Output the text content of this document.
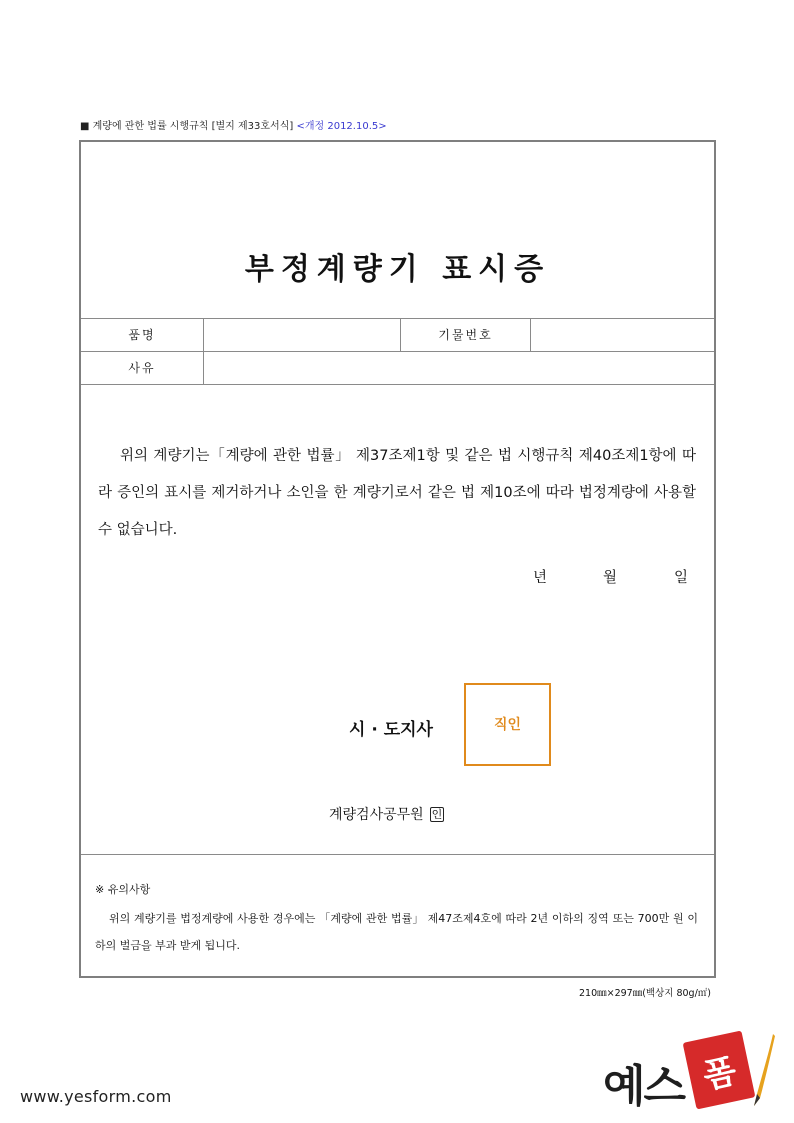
■ 계량에 관한 법률 시행규칙 [별지 제33호서식] <개정 2012.10.5>
부정계량기 표시증
품명	기물번호
사유

위의 계량기는「계량에 관한 법률」 제37조제1항 및 같은 법 시행규칙 제40조제1항에 따라 증인의 표시를 제거하거나 소인을 한 계량기로서 같은 법 제10조에 따라 법정계량에 사용할 수 없습니다.

년	월	일
시 · 도지사	직인
계량검사공무원 인
※ 유의사항

위의 계량기를 법정계량에 사용한 경우에는 「계량에 관한 법률」 제47조제4호에 따라 2년 이하의 징역 또는 700만 원 이하의 벌금을 부과 받게 됩니다.

210㎜×297㎜(백상지 80g/㎡)
www.yesform.com	예스 폼
